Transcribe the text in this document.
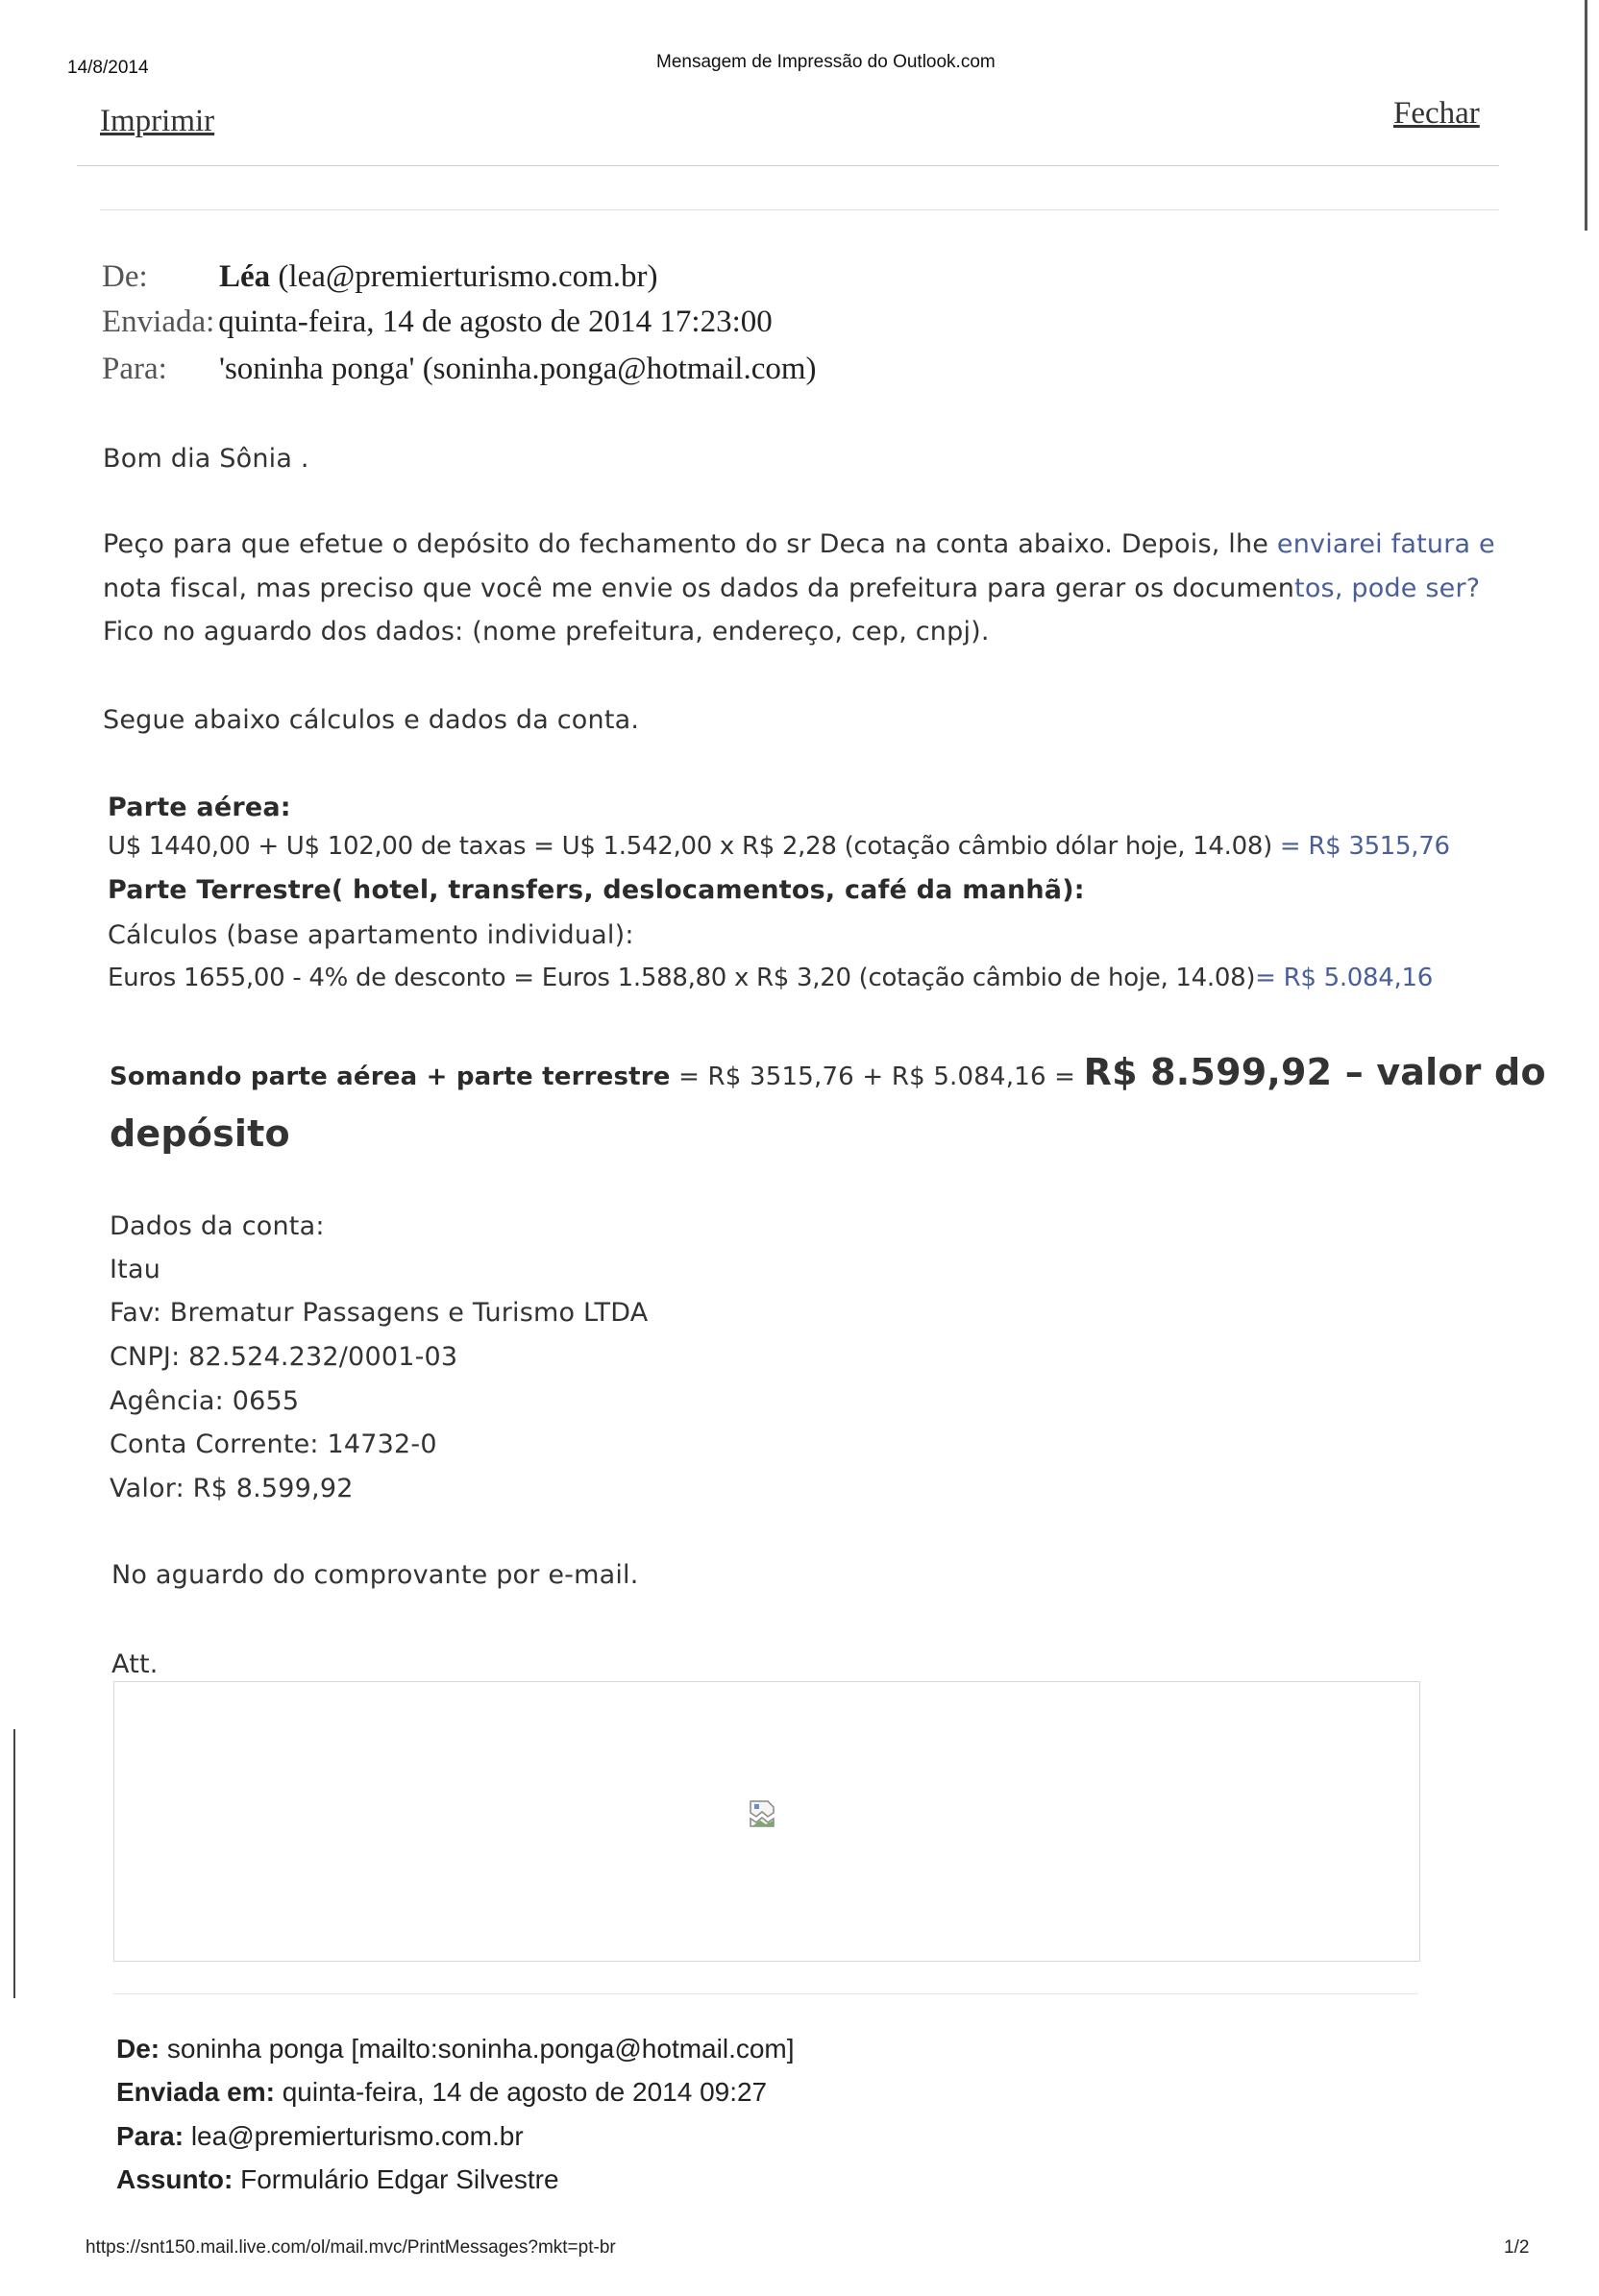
14/8/2014	Mensagem de Impressão do Outlook.com
Imprimir	Fechar
De: Léa (lea@premierturismo.com.br)
Enviada: quinta-feira, 14 de agosto de 2014 17:23:00
Para: 'soninha ponga' (soninha.ponga@hotmail.com)
Bom dia Sônia .
Peço para que efetue o depósito do fechamento do sr Deca na conta abaixo. Depois, lhe enviarei fatura e
nota fiscal, mas preciso que você me envie os dados da prefeitura para gerar os documentos, pode ser?
Fico no aguardo dos dados: (nome prefeitura, endereço, cep, cnpj).
Segue abaixo cálculos e dados da conta.
Parte aérea:
U$ 1440,00 + U$ 102,00 de taxas = U$ 1.542,00 x R$ 2,28 (cotação câmbio dólar hoje, 14.08) = R$ 3515,76
Parte Terrestre( hotel, transfers, deslocamentos, café da manhã):
Cálculos (base apartamento individual):
Euros 1655,00 - 4% de desconto = Euros 1.588,80 x R$ 3,20 (cotação câmbio de hoje, 14.08)= R$ 5.084,16
Somando parte aérea + parte terrestre = R$ 3515,76 + R$ 5.084,16 = R$ 8.599,92 – valor do
depósito
Dados da conta:
Itau
Fav: Brematur Passagens e Turismo LTDA
CNPJ: 82.524.232/0001-03
Agência: 0655
Conta Corrente: 14732-0
Valor: R$ 8.599,92
No aguardo do comprovante por e-mail.
Att.
De: soninha ponga [mailto:soninha.ponga@hotmail.com]
Enviada em: quinta-feira, 14 de agosto de 2014 09:27
Para: lea@premierturismo.com.br
Assunto: Formulário Edgar Silvestre
https://snt150.mail.live.com/ol/mail.mvc/PrintMessages?mkt=pt-br	1/2
